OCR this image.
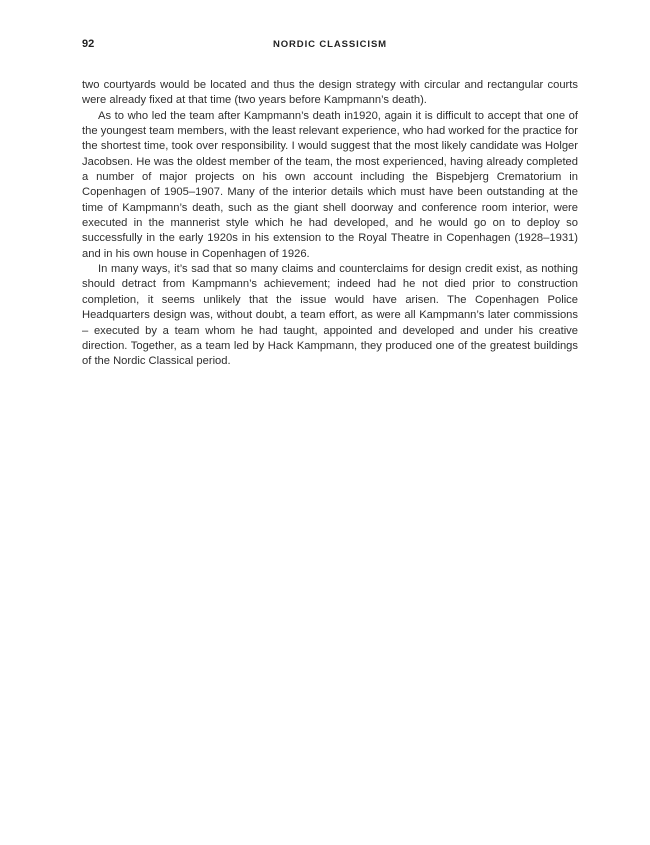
92	NORDIC CLASSICISM

two courtyards would be located and thus the design strategy with circular and rectangular courts were already fixed at that time (two years before Kampmann’s death).

As to who led the team after Kampmann’s death in1920, again it is difficult to accept that one of the youngest team members, with the least relevant experience, who had worked for the practice for the shortest time, took over responsibility. I would suggest that the most likely candidate was Holger Jacobsen. He was the oldest member of the team, the most experienced, having already completed a number of major projects on his own account including the Bispebjerg Crematorium in Copenhagen of 1905–1907. Many of the interior details which must have been outstanding at the time of Kampmann’s death, such as the giant shell doorway and conference room interior, were executed in the mannerist style which he had developed, and he would go on to deploy so successfully in the early 1920s in his extension to the Royal Theatre in Copenhagen (1928–1931) and in his own house in Copenhagen of 1926.

In many ways, it’s sad that so many claims and counterclaims for design credit exist, as nothing should detract from Kampmann’s achievement; indeed had he not died prior to construction completion, it seems unlikely that the issue would have arisen. The Copenhagen Police Headquarters design was, without doubt, a team effort, as were all Kampmann’s later commissions – executed by a team whom he had taught, appointed and developed and under his creative direction. Together, as a team led by Hack Kampmann, they produced one of the greatest buildings of the Nordic Classical period.
